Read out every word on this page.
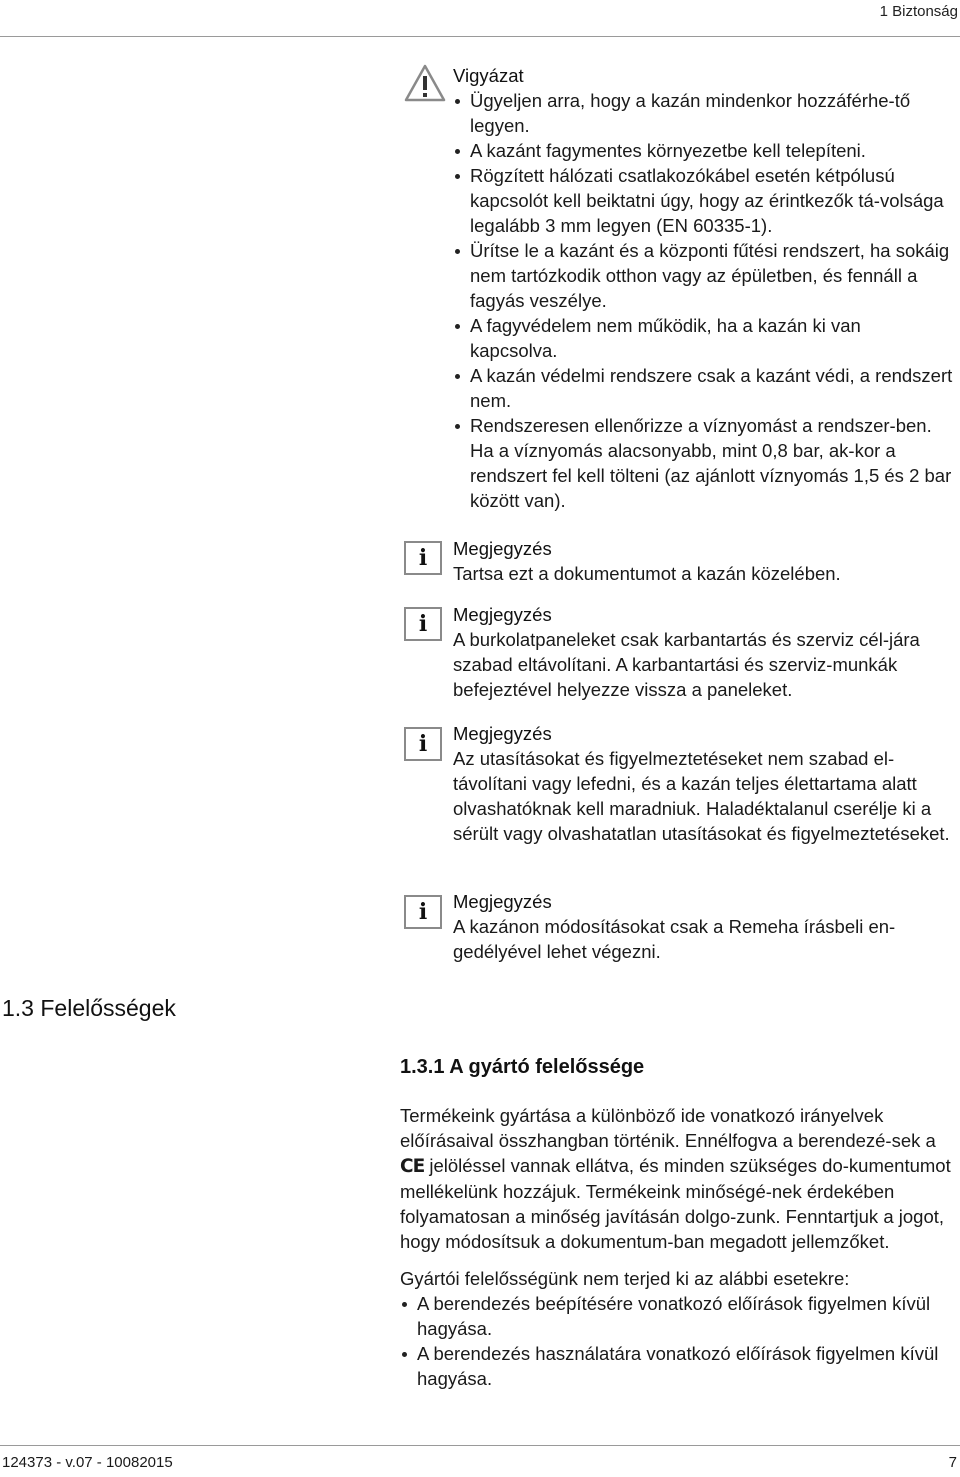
1 Biztonság
Vigyázat
Ügyeljen arra, hogy a kazán mindenkor hozzáférhe-tő legyen.
A kazánt fagymentes környezetbe kell telepíteni.
Rögzített hálózati csatlakozókábel esetén kétpólusú kapcsolót kell beiktatni úgy, hogy az érintkezők tá-volsága legalább 3 mm legyen (EN 60335-1).
Ürítse le a kazánt és a központi fűtési rendszert, ha sokáig nem tartózkodik otthon vagy az épületben, és fennáll a fagyás veszélye.
A fagyvédelem nem működik, ha a kazán ki van kapcsolva.
A kazán védelmi rendszere csak a kazánt védi, a rendszert nem.
Rendszeresen ellenőrizze a víznyomást a rendszer-ben. Ha a víznyomás alacsonyabb, mint 0,8 bar, ak-kor a rendszert fel kell tölteni (az ajánlott víznyomás 1,5 és 2 bar között van).
i	Megjegyzés
Tartsa ezt a dokumentumot a kazán közelében.
i	Megjegyzés
A burkolatpaneleket csak karbantartás és szerviz cél-jára szabad eltávolítani. A karbantartási és szerviz-munkák befejeztével helyezze vissza a paneleket.
i	Megjegyzés
Az utasításokat és figyelmeztetéseket nem szabad el-távolítani vagy lefedni, és a kazán teljes élettartama alatt olvashatóknak kell maradniuk. Haladéktalanul cserélje ki a sérült vagy olvashatatlan utasításokat és figyelmeztetéseket.
i	Megjegyzés
A kazánon módosításokat csak a Remeha írásbeli en-gedélyével lehet végezni.
1.3 Felelősségek
1.3.1 A gyártó felelőssége
Termékeink gyártása a különböző ide vonatkozó irányelvek előírásaival összhangban történik. Ennélfogva a berendezé-sek a CE jelöléssel vannak ellátva, és minden szükséges do-kumentumot mellékelünk hozzájuk. Termékeink minőségé-nek érdekében folyamatosan a minőség javításán dolgo-zunk. Fenntartjuk a jogot, hogy módosítsuk a dokumentum-ban megadott jellemzőket.
Gyártói felelősségünk nem terjed ki az alábbi esetekre:
A berendezés beépítésére vonatkozó előírások figyelmen kívül hagyása.
A berendezés használatára vonatkozó előírások figyelmen kívül hagyása.
124373 - v.07 - 10082015	7
